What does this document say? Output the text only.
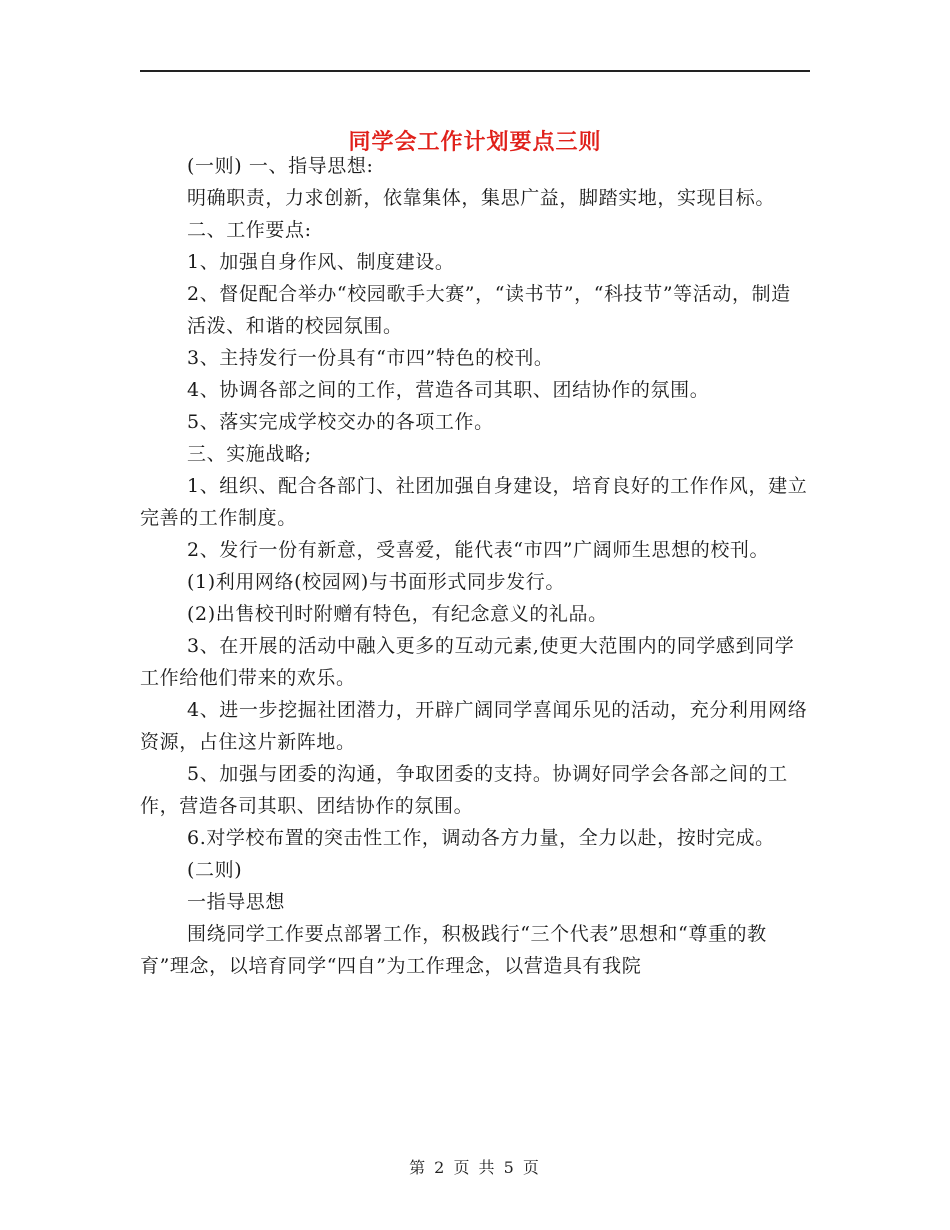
同学会工作计划要点三则

(一则) 一、指导思想:

明确职责，力求创新，依靠集体，集思广益，脚踏实地，实现目标。

二、工作要点:

1、加强自身作风、制度建设。

2、督促配合举办“校园歌手大赛”，“读书节”，“科技节”等活动，制造活泼、和谐的校园氛围。

3、主持发行一份具有“市四”特色的校刊。

4、协调各部之间的工作，营造各司其职、团结协作的氛围。

5、落实完成学校交办的各项工作。

三、实施战略;

1、组织、配合各部门、社团加强自身建设，培育良好的工作作风，建立完善的工作制度。

2、发行一份有新意，受喜爱，能代表“市四”广阔师生思想的校刊。

(1)利用网络(校园网)与书面形式同步发行。

(2)出售校刊时附赠有特色，有纪念意义的礼品。

3、在开展的活动中融入更多的互动元素,使更大范围内的同学感到同学工作给他们带来的欢乐。

4、进一步挖掘社团潜力，开辟广阔同学喜闻乐见的活动，充分利用网络资源，占住这片新阵地。

5、加强与团委的沟通，争取团委的支持。协调好同学会各部之间的工作，营造各司其职、团结协作的氛围。

6.对学校布置的突击性工作，调动各方力量，全力以赴，按时完成。

(二则)

一指导思想

围绕同学工作要点部署工作，积极践行“三个代表”思想和“尊重的教育”理念，以培育同学“四自”为工作理念，以营造具有我院

第 2 页 共 5 页
